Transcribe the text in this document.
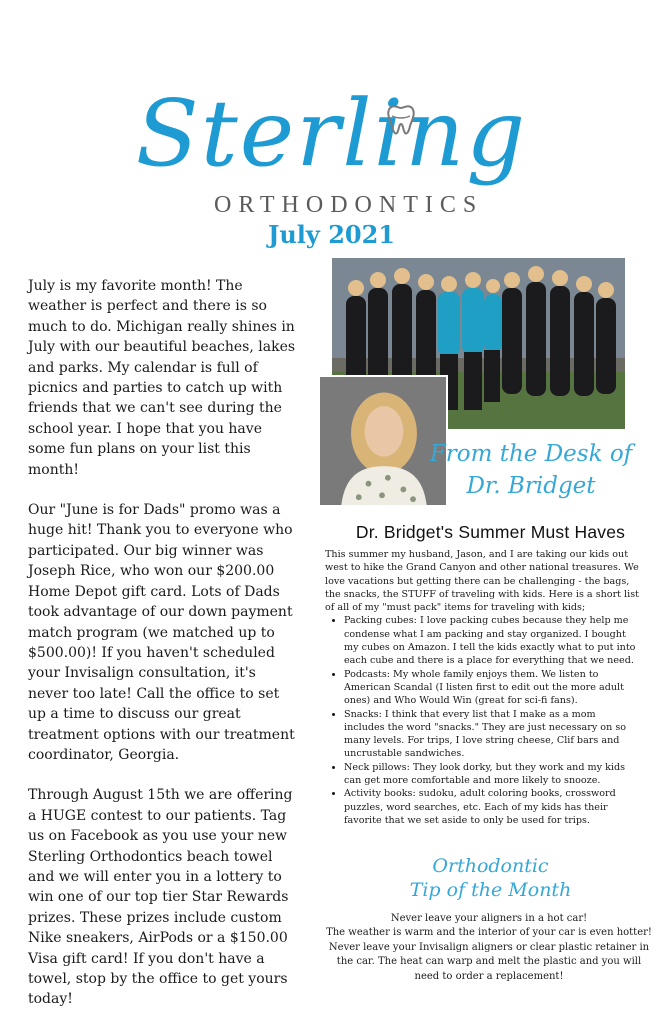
Sterling
ORTHODONTICS
July 2021

July is my favorite month! The weather is perfect and there is so much to do. Michigan really shines in July with our beautiful beaches, lakes and parks. My calendar is full of picnics and parties to catch up with friends that we can't see during the school year. I hope that you have some fun plans on your list this month!

Our "June is for Dads" promo was a huge hit! Thank you to everyone who participated. Our big winner was Joseph Rice, who won our $200.00 Home Depot gift card. Lots of Dads took advantage of our down payment match program (we matched up to $500.00)! If you haven't scheduled your Invisalign consultation, it's never too late! Call the office to set up a time to discuss our great treatment options with our treatment coordinator, Georgia.

Through August 15th we are offering a HUGE contest to our patients. Tag us on Facebook as you use your new Sterling Orthodontics beach towel and we will enter you in a lottery to win one of our top tier Star Rewards prizes. These prizes include custom Nike sneakers, AirPods or a $150.00 Visa gift card! If you don't have a towel, stop by the office to get yours today!

From the Desk of
Dr. Bridget
Dr. Bridget's Summer Must Haves

This summer my husband, Jason, and I are taking our kids out west to hike the Grand Canyon and other national treasures. We love vacations but getting there can be challenging - the bags, the snacks, the STUFF of traveling with kids. Here is a short list of all of my "must pack" items for traveling with kids;

• Packing cubes: I love packing cubes because they help me condense what I am packing and stay organized. I bought my cubes on Amazon. I tell the kids exactly what to put into each cube and there is a place for everything that we need.
• Podcasts: My whole family enjoys them. We listen to American Scandal (I listen first to edit out the more adult ones) and Who Would Win (great for sci-fi fans).
• Snacks: I think that every list that I make as a mom includes the word "snacks." They are just necessary on so many levels. For trips, I love string cheese, Clif bars and uncrustable sandwiches.
• Neck pillows: They look dorky, but they work and my kids can get more comfortable and more likely to snooze.
• Activity books: sudoku, adult coloring books, crossword puzzles, word searches, etc. Each of my kids has their favorite that we set aside to only be used for trips.
Orthodontic
Tip of the Month

Never leave your aligners in a hot car!

The weather is warm and the interior of your car is even hotter! Never leave your Invisalign aligners or clear plastic retainer in the car. The heat can warp and melt the plastic and you will need to order a replacement!
